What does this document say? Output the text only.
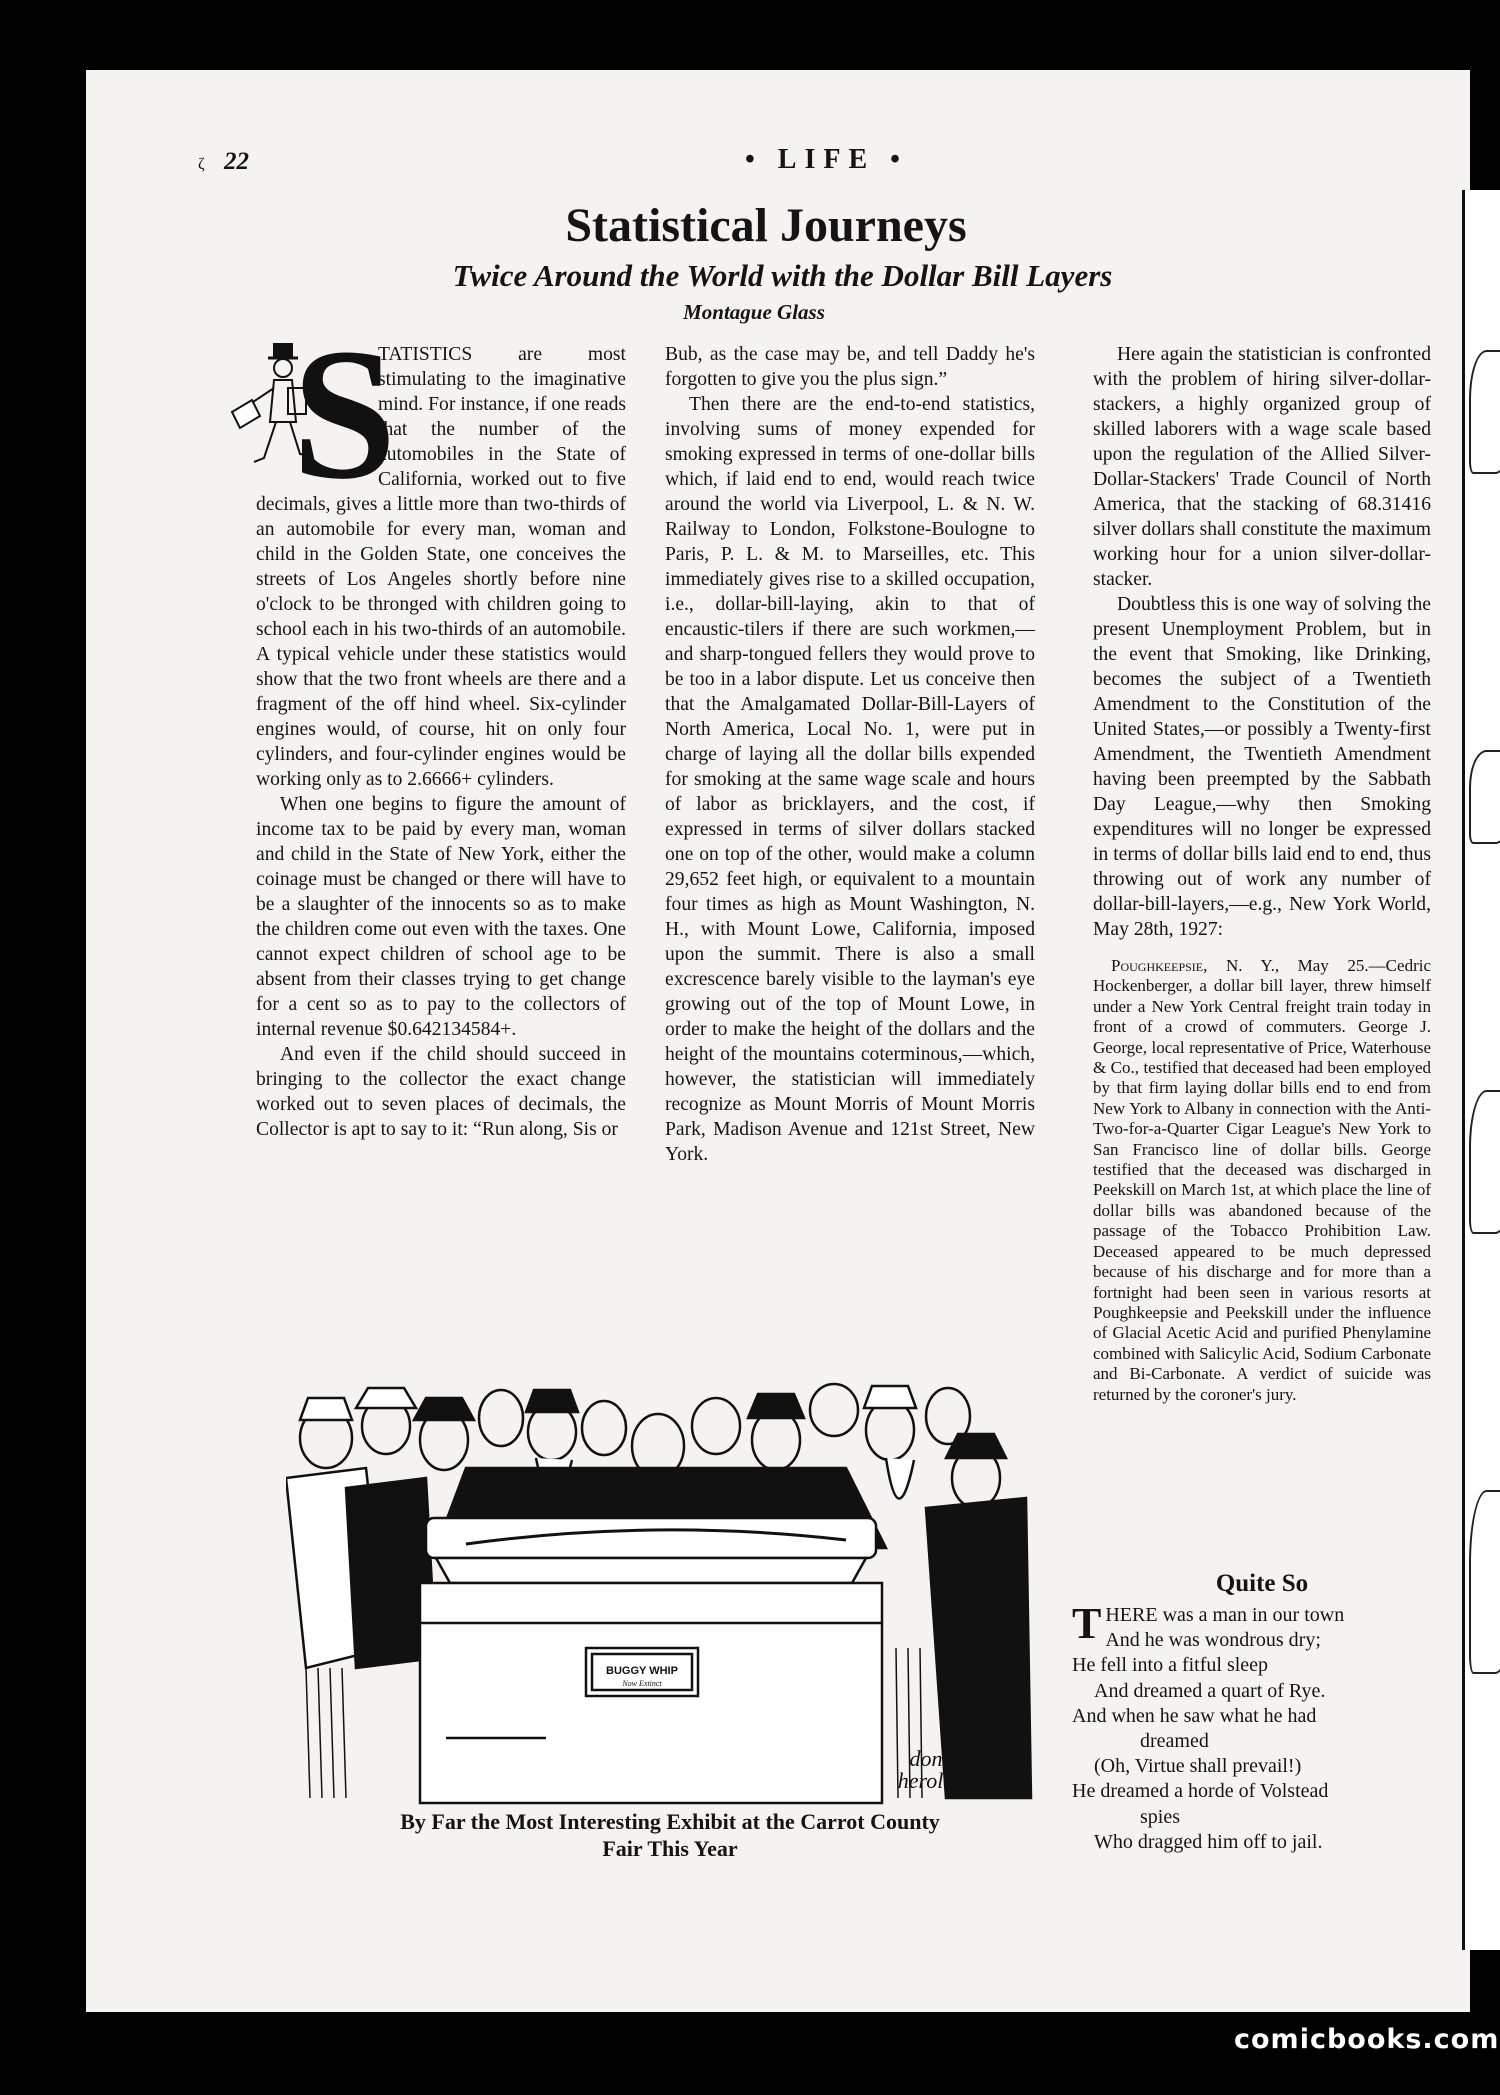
ζ 22	• LIFE •
Statistical Journeys
Twice Around the World with the Dollar Bill Layers
Montague Glass
S

TATISTICS are most stimulating to the imaginative mind. For instance, if one reads that the number of the automobiles in the State of California, worked out to five decimals, gives a little more than two-thirds of an automobile for every man, woman and child in the Golden State, one conceives the streets of Los Angeles shortly before nine o'clock to be thronged with children going to school each in his two-thirds of an automobile. A typical vehicle under these statistics would show that the two front wheels are there and a fragment of the off hind wheel. Six-cylinder engines would, of course, hit on only four cylinders, and four-cylinder engines would be working only as to 2.6666+ cylinders.

When one begins to figure the amount of income tax to be paid by every man, woman and child in the State of New York, either the coinage must be changed or there will have to be a slaughter of the innocents so as to make the children come out even with the taxes. One cannot expect children of school age to be absent from their classes trying to get change for a cent so as to pay to the collectors of internal revenue $0.642134584+.

And even if the child should succeed in bringing to the collector the exact change worked out to seven places of decimals, the Collector is apt to say to it: “Run along, Sis or

Bub, as the case may be, and tell Daddy he's forgotten to give you the plus sign.”

Then there are the end-to-end statistics, involving sums of money expended for smoking expressed in terms of one-dollar bills which, if laid end to end, would reach twice around the world via Liverpool, L. & N. W. Railway to London, Folkstone-Boulogne to Paris, P. L. & M. to Marseilles, etc. This immediately gives rise to a skilled occupation, i.e., dollar-bill-laying, akin to that of encaustic-tilers if there are such workmen,—and sharp-tongued fellers they would prove to be too in a labor dispute. Let us conceive then that the Amalgamated Dollar-Bill-Layers of North America, Local No. 1, were put in charge of laying all the dollar bills expended for smoking at the same wage scale and hours of labor as bricklayers, and the cost, if expressed in terms of silver dollars stacked one on top of the other, would make a column 29,652 feet high, or equivalent to a mountain four times as high as Mount Washington, N. H., with Mount Lowe, California, imposed upon the summit. There is also a small excrescence barely visible to the layman's eye growing out of the top of Mount Lowe, in order to make the height of the dollars and the height of the mountains coterminous,—which, however, the statistician will immediately recognize as Mount Morris of Mount Morris Park, Madison Avenue and 121st Street, New York.

Here again the statistician is confronted with the problem of hiring silver-dollar-stackers, a highly organized group of skilled laborers with a wage scale based upon the regulation of the Allied Silver-Dollar-Stackers' Trade Council of North America, that the stacking of 68.31416 silver dollars shall constitute the maximum working hour for a union silver-dollar-stacker.

Doubtless this is one way of solving the present Unemployment Problem, but in the event that Smoking, like Drinking, becomes the subject of a Twentieth Amendment to the Constitution of the United States,—or possibly a Twenty-first Amendment, the Twentieth Amendment having been preempted by the Sabbath Day League,—why then Smoking expenditures will no longer be expressed in terms of dollar bills laid end to end, thus throwing out of work any number of dollar-bill-layers,—e.g., New York World, May 28th, 1927:

Poughkeepsie, N. Y., May 25.—Cedric Hockenberger, a dollar bill layer, threw himself under a New York Central freight train today in front of a crowd of commuters. George J. George, local representative of Price, Waterhouse & Co., testified that deceased had been employed by that firm laying dollar bills end to end from New York to Albany in connection with the Anti-Two-for-a-Quarter Cigar League's New York to San Francisco line of dollar bills. George testified that the deceased was discharged in Peekskill on March 1st, at which place the line of dollar bills was abandoned because of the passage of the Tobacco Prohibition Law. Deceased appeared to be much depressed because of his discharge and for more than a fortnight had been seen in various resorts at Poughkeepsie and Peekskill under the influence of Glacial Acetic Acid and purified Phenylamine combined with Salicylic Acid, Sodium Carbonate and Bi-Carbonate. A verdict of suicide was returned by the coroner's jury.

BUGGY WHIP
Now Extinct
don
herold
By Far the Most Interesting Exhibit at the Carrot County
Fair This Year
Quite So
THERE was a man in our town
And he was wondrous dry;
He fell into a fitful sleep
And dreamed a quart of Rye.
And when he saw what he had
dreamed
(Oh, Virtue shall prevail!)
He dreamed a horde of Volstead
spies
Who dragged him off to jail.
comicbooks.com
